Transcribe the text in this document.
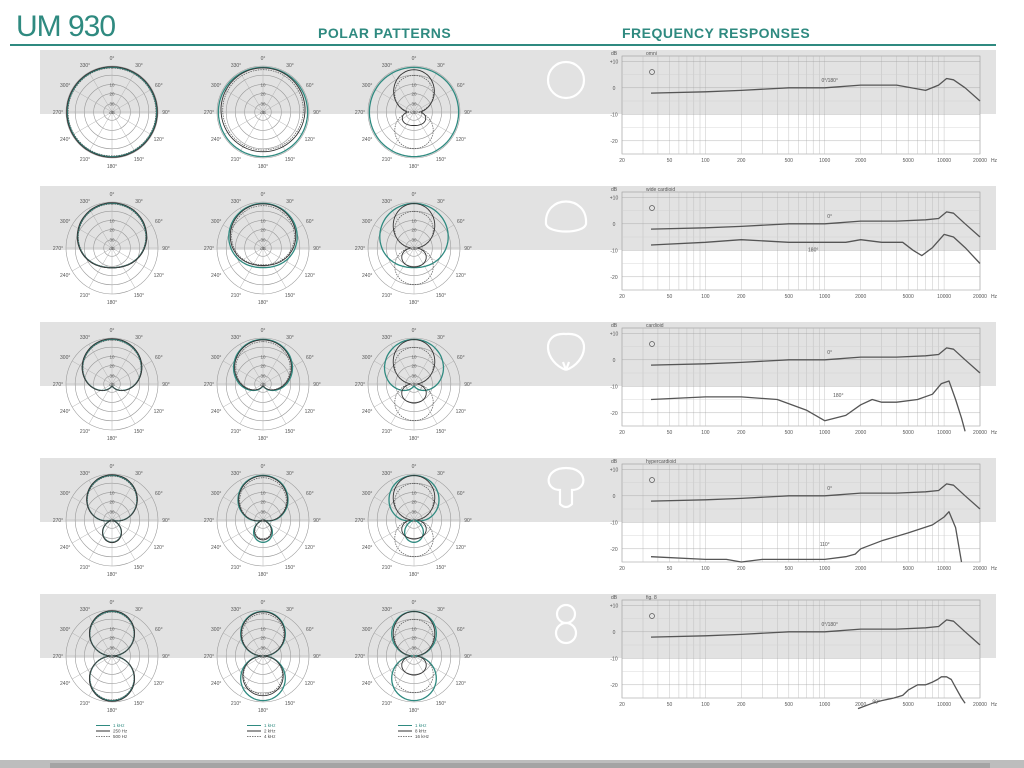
UM 930	POLAR PATTERNS	FREQUENCY RESPONSES
0°
30°
60°
90°
120°
150°
180°
210°
240°
270°
300°
330°
10
20
30
dB
0°
30°
60°
90°
120°
150°
180°
210°
240°
270°
300°
330°
10
20
30
dB
0°
30°
60°
90°
120°
150°
180°
210°
240°
270°
300°
330°
10
20
30
dB
dB
+10
0
-10
-20
20	50	100	200	500	1000	2000	5000	10000	20000 Hz
omni
0°/180°
0°
30°
60°
90°
120°
150°
180°
210°
240°
270°
300°
330°
10
20
30
dB
0°
30°
60°
90°
120°
150°
180°
210°
240°
270°
300°
330°
10
20
30
dB
0°
30°
60°
90°
120°
150°
180°
210°
240°
270°
300°
330°
10
20
30
dB
dB
+10
0
-10
-20
20	50	100	200	500	1000	2000	5000	10000	20000 Hz
wide cardioid
0°
180°
0°
30°
60°
90°
120°
150°
180°
210°
240°
270°
300°
330°
10
20
30
dB
0°
30°
60°
90°
120°
150°
180°
210°
240°
270°
300°
330°
10
20
30
dB
0°
30°
60°
90°
120°
150°
180°
210°
240°
270°
300°
330°
10
20
30
dB
dB
+10
0
-10
-20
20	50	100	200	500	1000	2000	5000	10000	20000 Hz
cardioid
0°
180°
0°
30°
60°
90°
120°
150°
180°
210°
240°
270°
300°
330°
10
20
30
dB
0°
30°
60°
90°
120°
150°
180°
210°
240°
270°
300°
330°
10
20
30
dB
0°
30°
60°
90°
120°
150°
180°
210°
240°
270°
300°
330°
10
20
30
dB
dB
+10
0
-10
-20
20	50	100	200	500	1000	2000	5000	10000	20000 Hz
hypercardioid
0°
110°
0°
30°
60°
90°
120°
150°
180°
210°
240°
270°
300°
330°
10
20
30
dB
0°
30°
60°
90°
120°
150°
180°
210°
240°
270°
300°
330°
10
20
30
dB
0°
30°
60°
90°
120°
150°
180°
210°
240°
270°
300°
330°
10
20
30
dB
dB
+10
0
-10
-20
20	50	100	200	500	1000	2000	5000	10000	20000 Hz
fig. 8
0°/180°
90°
1 kHz
250 Hz
500 Hz
1 kHz
2 kHz
4 kHz
1 kHz
8 kHz
16 kHz
